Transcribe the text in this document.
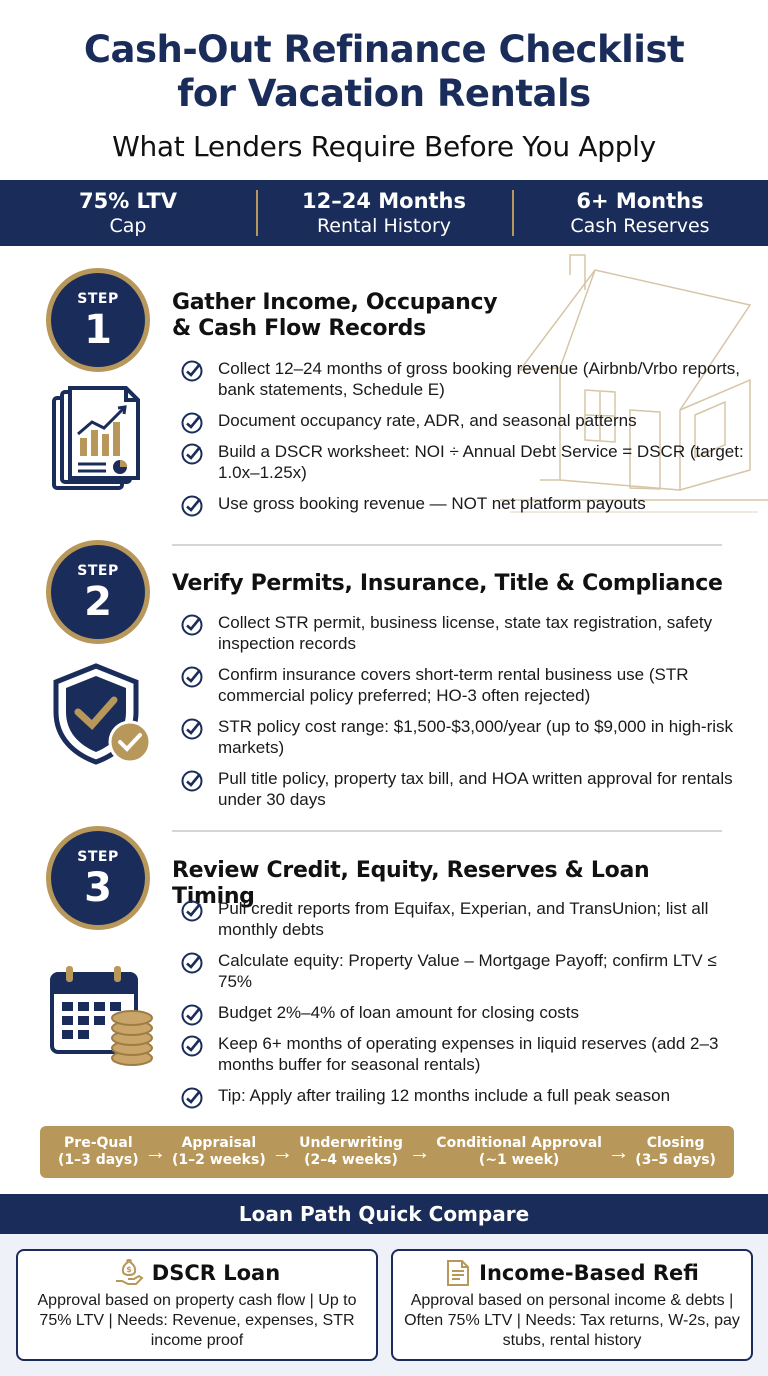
Cash-Out Refinance Checklist
for Vacation Rentals
What Lenders Require Before You Apply
75% LTV
Cap
12–24 Months
Rental History
6+ Months
Cash Reserves
STEP
1
Gather Income, Occupancy
& Cash Flow Records
Collect 12–24 months of gross booking revenue (Airbnb/Vrbo reports, bank statements, Schedule E)
Document occupancy rate, ADR, and seasonal patterns
Build a DSCR worksheet: NOI ÷ Annual Debt Service = DSCR (target: 1.0x–1.25x)
Use gross booking revenue — NOT net platform payouts
STEP
2	Verify Permits, Insurance, Title & Compliance
Collect STR permit, business license, state tax registration, safety inspection records
Confirm insurance covers short-term rental business use (STR commercial policy preferred; HO-3 often rejected)
STR policy cost range: $1,500-$3,000/year (up to $9,000 in high-risk markets)
Pull title policy, property tax bill, and HOA written approval for rentals under 30 days
STEP
3	Review Credit, Equity, Reserves & Loan Timing
Pull credit reports from Equifax, Experian, and TransUnion; list all monthly debts
Calculate equity: Property Value – Mortgage Payoff; confirm LTV ≤ 75%
Budget 2%–4% of loan amount for closing costs
Keep 6+ months of operating expenses in liquid reserves (add 2–3 months buffer for seasonal rentals)
Tip: Apply after trailing 12 months include a full peak season
Pre-Qual
(1–3 days) →	Appraisal
(1–2 weeks) → Underwriting
(2–4 weeks) → Conditional Approval
(~1 week)	→	Closing
(3–5 days)
Loan Path Quick Compare
$ DSCR Loan
Approval based on property cash flow | Up to 75% LTV | Needs: Revenue, expenses, STR income proof
Income-Based Refi
Approval based on personal income & debts | Often 75% LTV | Needs: Tax returns, W-2s, pay stubs, rental history
